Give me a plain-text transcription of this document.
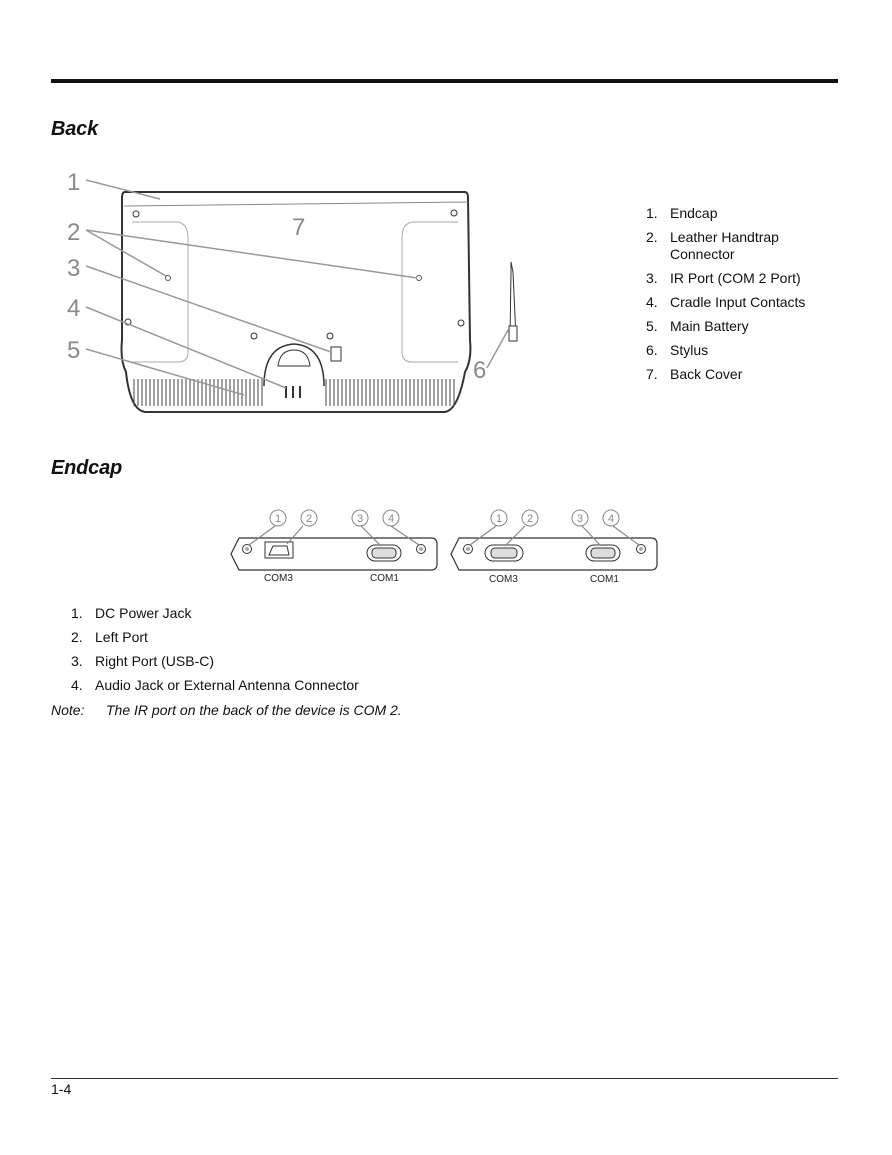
Back
1
2
3
4
5
6
7
1. Endcap
2. Leather Handtrap Connector
3. IR Port (COM 2 Port)
4. Cradle Input Contacts
5. Main Battery
6. Stylus
7. Back Cover
Endcap
1 2	3 4
COM3	COM1
1 2	3 4
COM3	COM1
1. DC Power Jack
2. Left Port
3. Right Port (USB-C)
4. Audio Jack or External Antenna Connector
Note: The IR port on the back of the device is COM 2.
1-4
